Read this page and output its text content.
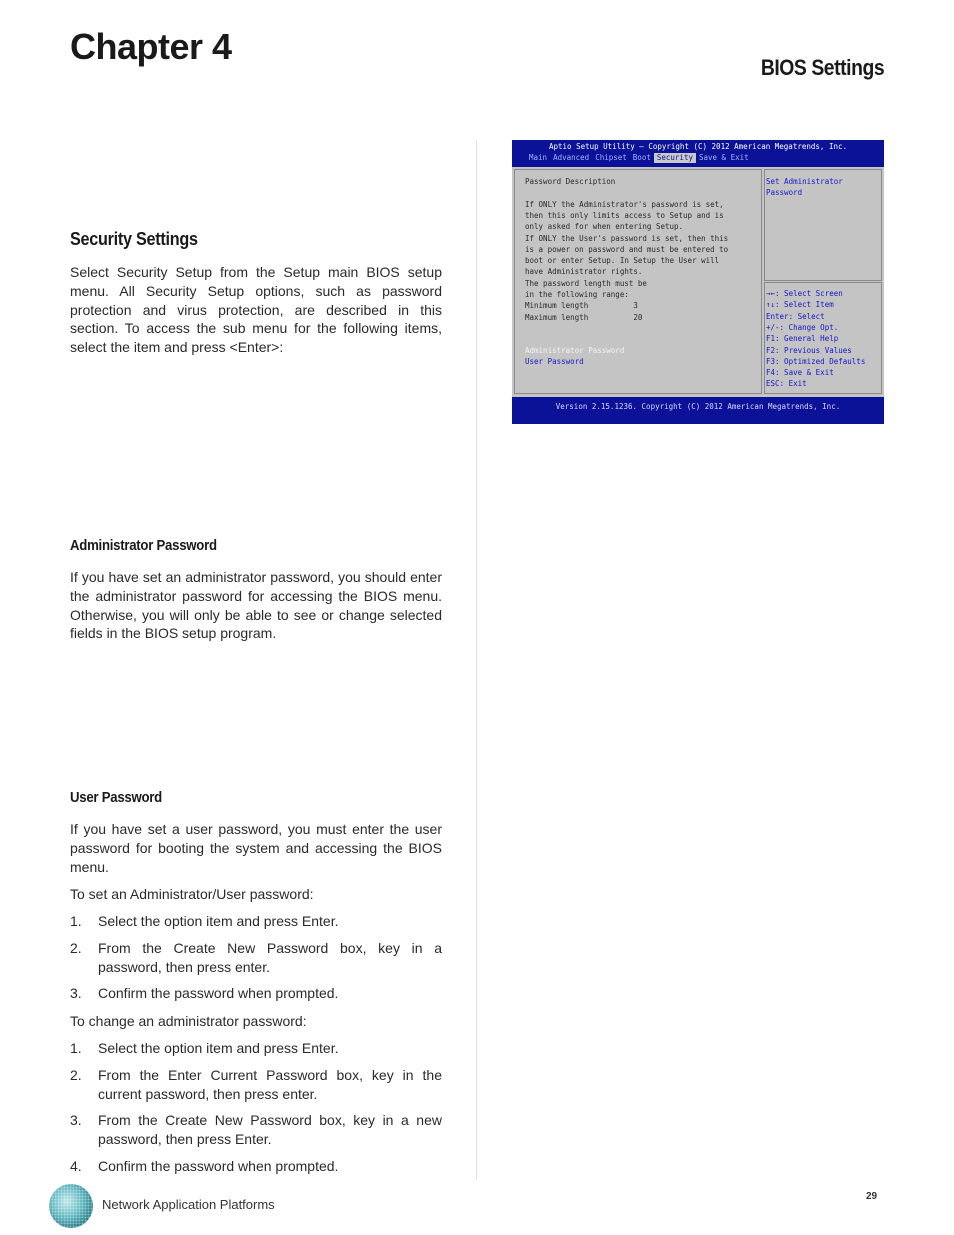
Chapter 4
BIOS Settings
Security Settings

Select Security Setup from the Setup main BIOS setup menu. All Security Setup options, such as password protection and virus protection, are described in this section. To access the sub menu for the following items, select the item and press <Enter>:

Administrator Password

If you have set an administrator password, you should enter the administrator password for accessing the BIOS menu. Otherwise, you will only be able to see or change selected fields in the BIOS setup program.

User Password

If you have set a user password, you must enter the user password for booting the system and accessing the BIOS menu.

To set an Administrator/User password:

1. Select the option item and press Enter.
2. From the Create New Password box, key in a password, then press enter.
3. Confirm the password when prompted.

To change an administrator password:

1. Select the option item and press Enter.
2. From the Enter Current Password box, key in the current password, then press enter.
3. From the Create New Password box, key in a new password, then press Enter.
4. Confirm the password when prompted.
Aptio Setup Utility – Copyright (C) 2012 American Megatrends, Inc.
Main Advanced Chipset Boot Security Save & Exit
Password Description
If ONLY the Administrator's password is set,
then this only limits access to Setup and is
only asked for when entering Setup.
If ONLY the User's password is set, then this
is a power on password and must be entered to
boot or enter Setup. In Setup the User will
have Administrator rights.
The password length must be
in the following range:
Minimum length          3
Maximum length          20
Administrator Password
User Password
Set Administrator
Password
→←: Select Screen
↑↓: Select Item
Enter: Select
+/-: Change Opt.
F1: General Help
F2: Previous Values
F3: Optimized Defaults
F4: Save & Exit
ESC: Exit
Version 2.15.1236. Copyright (C) 2012 American Megatrends, Inc.
Network Application Platforms
29
